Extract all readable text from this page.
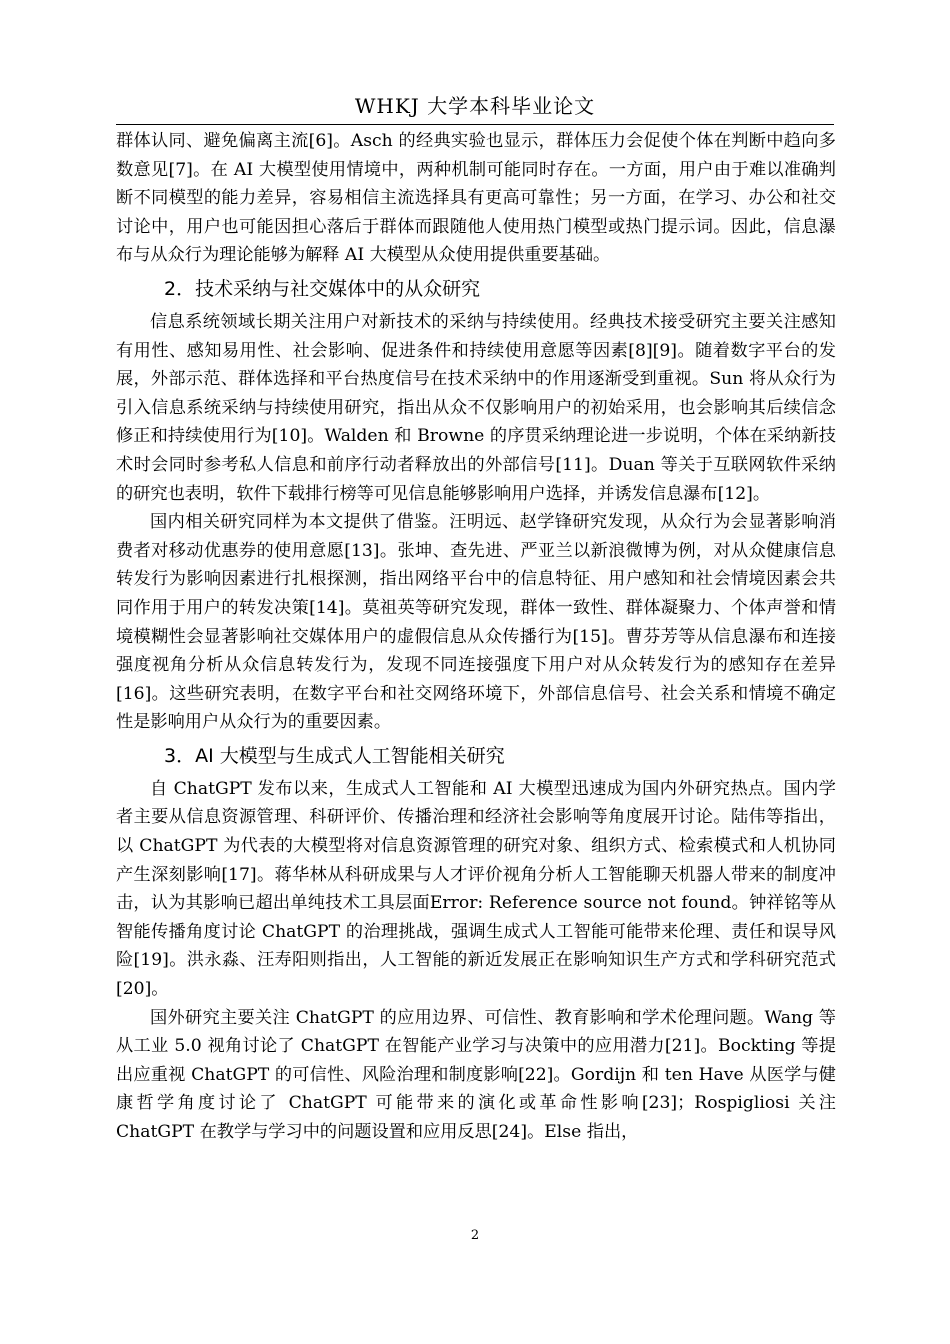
WHKJ 大学本科毕业论文

群体认同、避免偏离主流[6]。Asch 的经典实验也显示，群体压力会促使个体在判断中趋向多数意见[7]。在 AI 大模型使用情境中，两种机制可能同时存在。一方面，用户由于难以准确判断不同模型的能力差异，容易相信主流选择具有更高可靠性；另一方面，在学习、办公和社交讨论中，用户也可能因担心落后于群体而跟随他人使用热门模型或热门提示词。因此，信息瀑布与从众行为理论能够为解释 AI 大模型从众使用提供重要基础。

2．技术采纳与社交媒体中的从众研究

信息系统领域长期关注用户对新技术的采纳与持续使用。经典技术接受研究主要关注感知有用性、感知易用性、社会影响、促进条件和持续使用意愿等因素[8][9]。随着数字平台的发展，外部示范、群体选择和平台热度信号在技术采纳中的作用逐渐受到重视。Sun 将从众行为引入信息系统采纳与持续使用研究，指出从众不仅影响用户的初始采用，也会影响其后续信念修正和持续使用行为[10]。Walden 和 Browne 的序贯采纳理论进一步说明，个体在采纳新技术时会同时参考私人信息和前序行动者释放出的外部信号[11]。Duan 等关于互联网软件采纳的研究也表明，软件下载排行榜等可见信息能够影响用户选择，并诱发信息瀑布[12]。

国内相关研究同样为本文提供了借鉴。汪明远、赵学锋研究发现，从众行为会显著影响消费者对移动优惠券的使用意愿[13]。张坤、查先进、严亚兰以新浪微博为例，对从众健康信息转发行为影响因素进行扎根探测，指出网络平台中的信息特征、用户感知和社会情境因素会共同作用于用户的转发决策[14]。莫祖英等研究发现，群体一致性、群体凝聚力、个体声誉和情境模糊性会显著影响社交媒体用户的虚假信息从众传播行为[15]。曹芬芳等从信息瀑布和连接强度视角分析从众信息转发行为，发现不同连接强度下用户对从众转发行为的感知存在差异[16]。这些研究表明，在数字平台和社交网络环境下，外部信息信号、社会关系和情境不确定性是影响用户从众行为的重要因素。

3．AI 大模型与生成式人工智能相关研究

自 ChatGPT 发布以来，生成式人工智能和 AI 大模型迅速成为国内外研究热点。国内学者主要从信息资源管理、科研评价、传播治理和经济社会影响等角度展开讨论。陆伟等指出，以 ChatGPT 为代表的大模型将对信息资源管理的研究对象、组织方式、检索模式和人机协同产生深刻影响[17]。蒋华林从科研成果与人才评价视角分析人工智能聊天机器人带来的制度冲击，认为其影响已超出单纯技术工具层面Error: Reference source not found。钟祥铭等从智能传播角度讨论 ChatGPT 的治理挑战，强调生成式人工智能可能带来伦理、责任和误导风险[19]。洪永淼、汪寿阳则指出，人工智能的新近发展正在影响知识生产方式和学科研究范式[20]。

国外研究主要关注 ChatGPT 的应用边界、可信性、教育影响和学术伦理问题。Wang 等从工业 5.0 视角讨论了 ChatGPT 在智能产业学习与决策中的应用潜力[21]。Bockting 等提出应重视 ChatGPT 的可信性、风险治理和制度影响[22]。Gordijn 和 ten Have 从医学与健康哲学角度讨论了 ChatGPT 可能带来的演化或革命性影响[23]；Rospigliosi 关注 ChatGPT 在教学与学习中的问题设置和应用反思[24]。Else 指出，

2
